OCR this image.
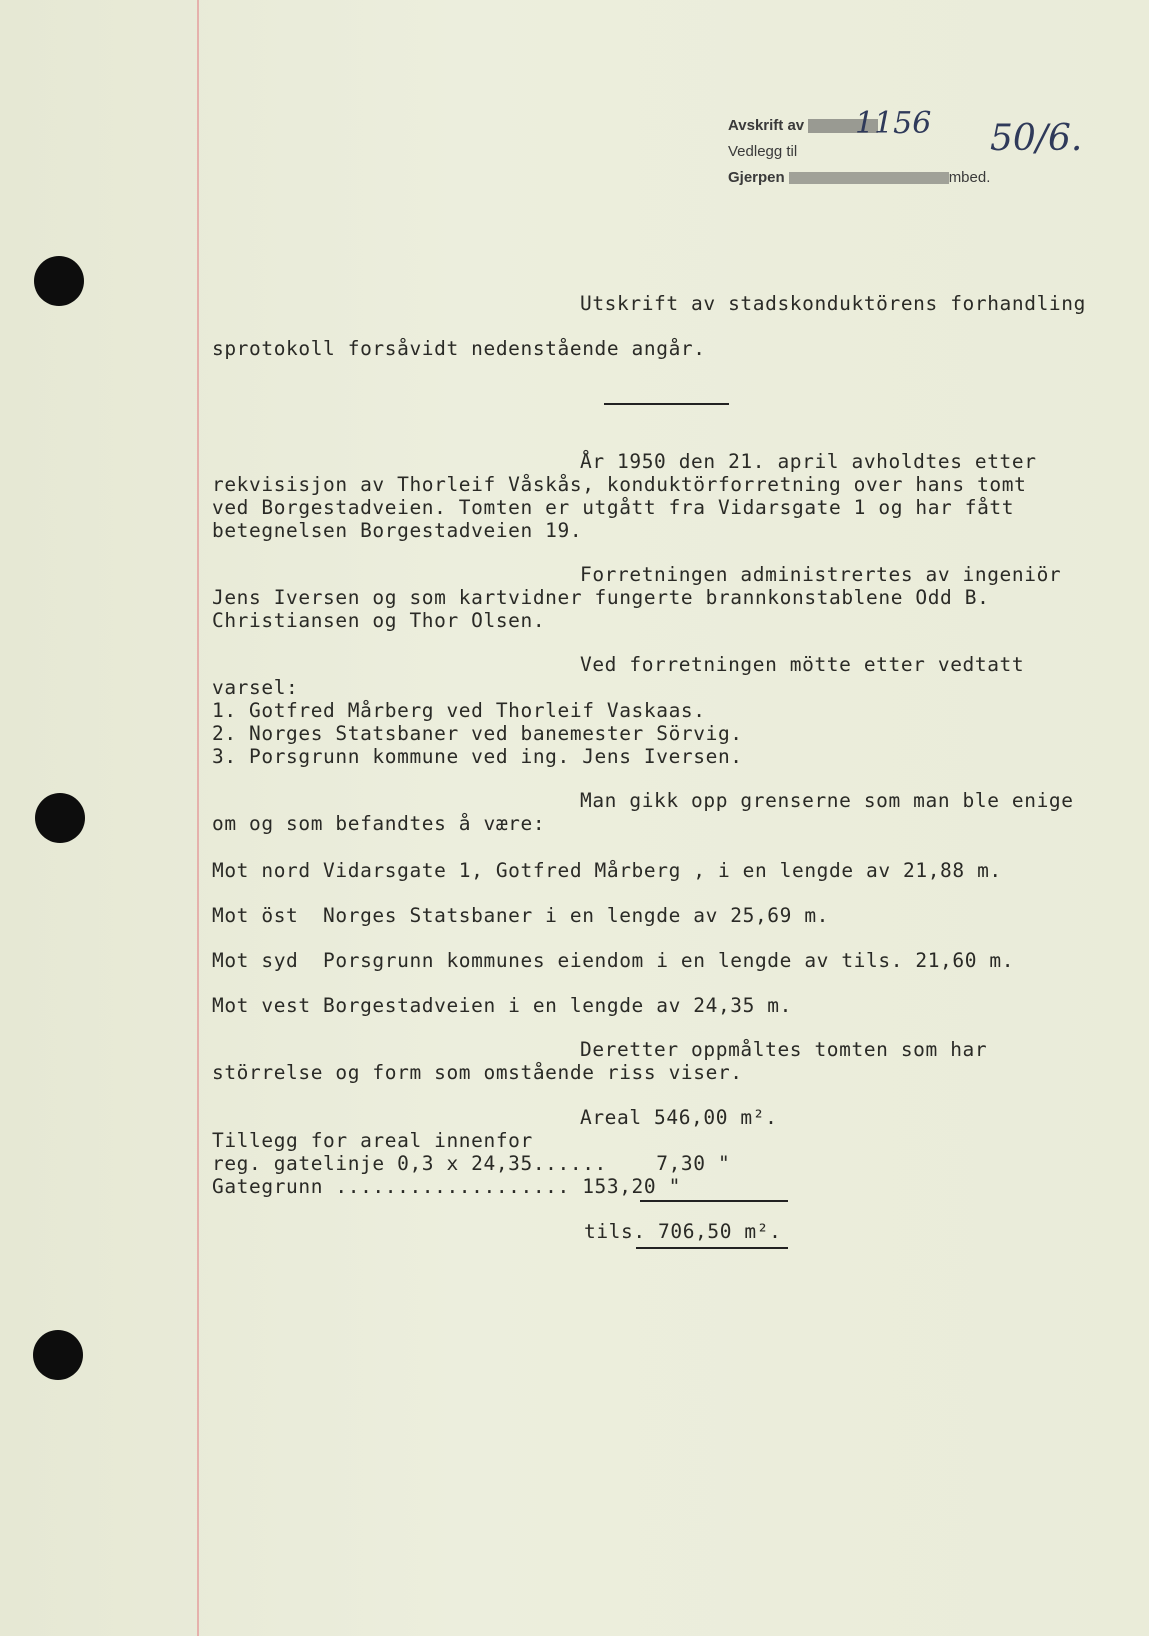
Avskrift av
Vedlegg til
Gjerpen	mbed.
1156 50/6.
Utskrift av stadskonduktörens forhandling
sprotokoll forsåvidt nedenstående angår.
År 1950 den 21. april avholdtes etter
rekvisisjon av Thorleif Våskås, konduktörforretning over hans tomt
ved Borgestadveien. Tomten er utgått fra Vidarsgate 1 og har fått
betegnelsen Borgestadveien 19.
Forretningen administrertes av ingeniör
Jens Iversen og som kartvidner fungerte brannkonstablene Odd B.
Christiansen og Thor Olsen.
Ved forretningen mötte etter vedtatt
varsel:
1. Gotfred Mårberg ved Thorleif Vaskaas.
2. Norges Statsbaner ved banemester Sörvig.
3. Porsgrunn kommune ved ing. Jens Iversen.
Man gikk opp grenserne som man ble enige
om og som befandtes å være:
Mot nord Vidarsgate 1, Gotfred Mårberg , i en lengde av 21,88 m.
Mot öst  Norges Statsbaner i en lengde av 25,69 m.
Mot syd  Porsgrunn kommunes eiendom i en lengde av tils. 21,60 m.
Mot vest Borgestadveien i en lengde av 24,35 m.
Deretter oppmåltes tomten som har
störrelse og form som omstående riss viser.
Areal 546,00 m².
Tillegg for areal innenfor
reg. gatelinje 0,3 x 24,35......    7,30 "
Gategrunn ................... 153,20 "
tils. 706,50 m².
